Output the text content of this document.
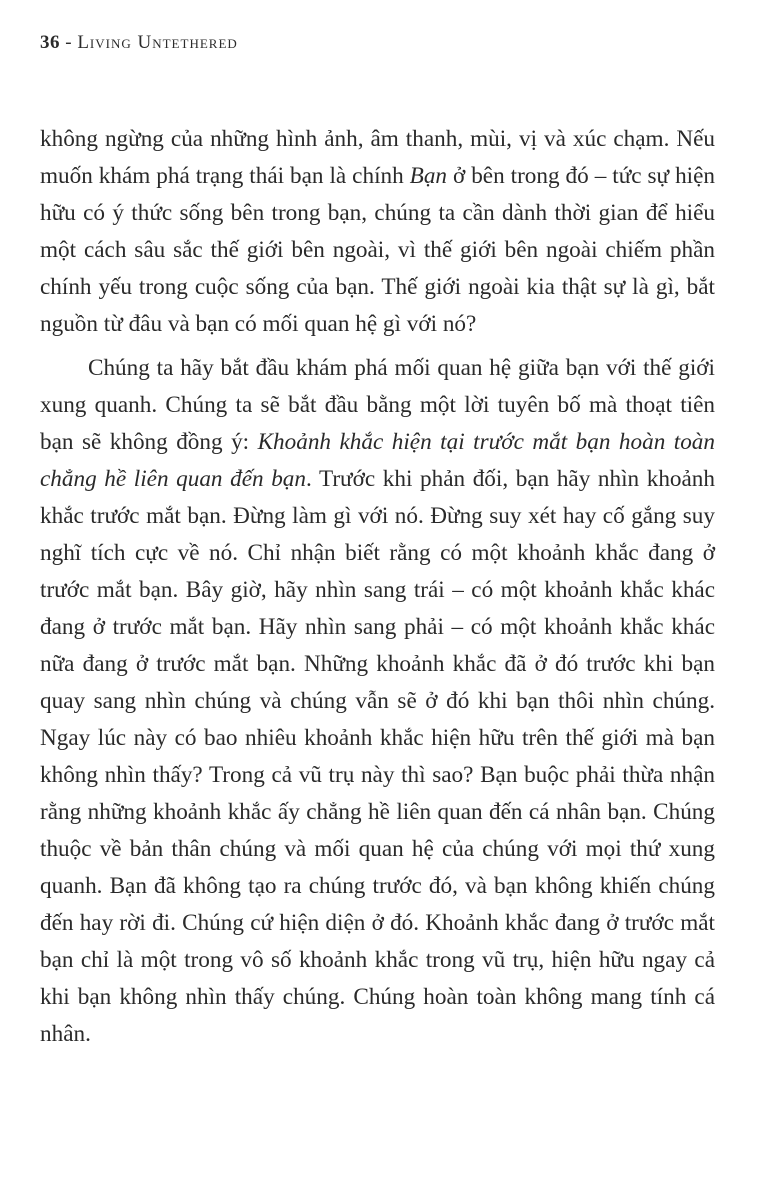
36 - Living Untethered

không ngừng của những hình ảnh, âm thanh, mùi, vị và xúc chạm. Nếu muốn khám phá trạng thái bạn là chính Bạn ở bên trong đó – tức sự hiện hữu có ý thức sống bên trong bạn, chúng ta cần dành thời gian để hiểu một cách sâu sắc thế giới bên ngoài, vì thế giới bên ngoài chiếm phần chính yếu trong cuộc sống của bạn. Thế giới ngoài kia thật sự là gì, bắt nguồn từ đâu và bạn có mối quan hệ gì với nó?

Chúng ta hãy bắt đầu khám phá mối quan hệ giữa bạn với thế giới xung quanh. Chúng ta sẽ bắt đầu bằng một lời tuyên bố mà thoạt tiên bạn sẽ không đồng ý: Khoảnh khắc hiện tại trước mắt bạn hoàn toàn chẳng hề liên quan đến bạn. Trước khi phản đối, bạn hãy nhìn khoảnh khắc trước mắt bạn. Đừng làm gì với nó. Đừng suy xét hay cố gắng suy nghĩ tích cực về nó. Chỉ nhận biết rằng có một khoảnh khắc đang ở trước mắt bạn. Bây giờ, hãy nhìn sang trái – có một khoảnh khắc khác đang ở trước mắt bạn. Hãy nhìn sang phải – có một khoảnh khắc khác nữa đang ở trước mắt bạn. Những khoảnh khắc đã ở đó trước khi bạn quay sang nhìn chúng và chúng vẫn sẽ ở đó khi bạn thôi nhìn chúng. Ngay lúc này có bao nhiêu khoảnh khắc hiện hữu trên thế giới mà bạn không nhìn thấy? Trong cả vũ trụ này thì sao? Bạn buộc phải thừa nhận rằng những khoảnh khắc ấy chẳng hề liên quan đến cá nhân bạn. Chúng thuộc về bản thân chúng và mối quan hệ của chúng với mọi thứ xung quanh. Bạn đã không tạo ra chúng trước đó, và bạn không khiến chúng đến hay rời đi. Chúng cứ hiện diện ở đó. Khoảnh khắc đang ở trước mắt bạn chỉ là một trong vô số khoảnh khắc trong vũ trụ, hiện hữu ngay cả khi bạn không nhìn thấy chúng. Chúng hoàn toàn không mang tính cá nhân.
